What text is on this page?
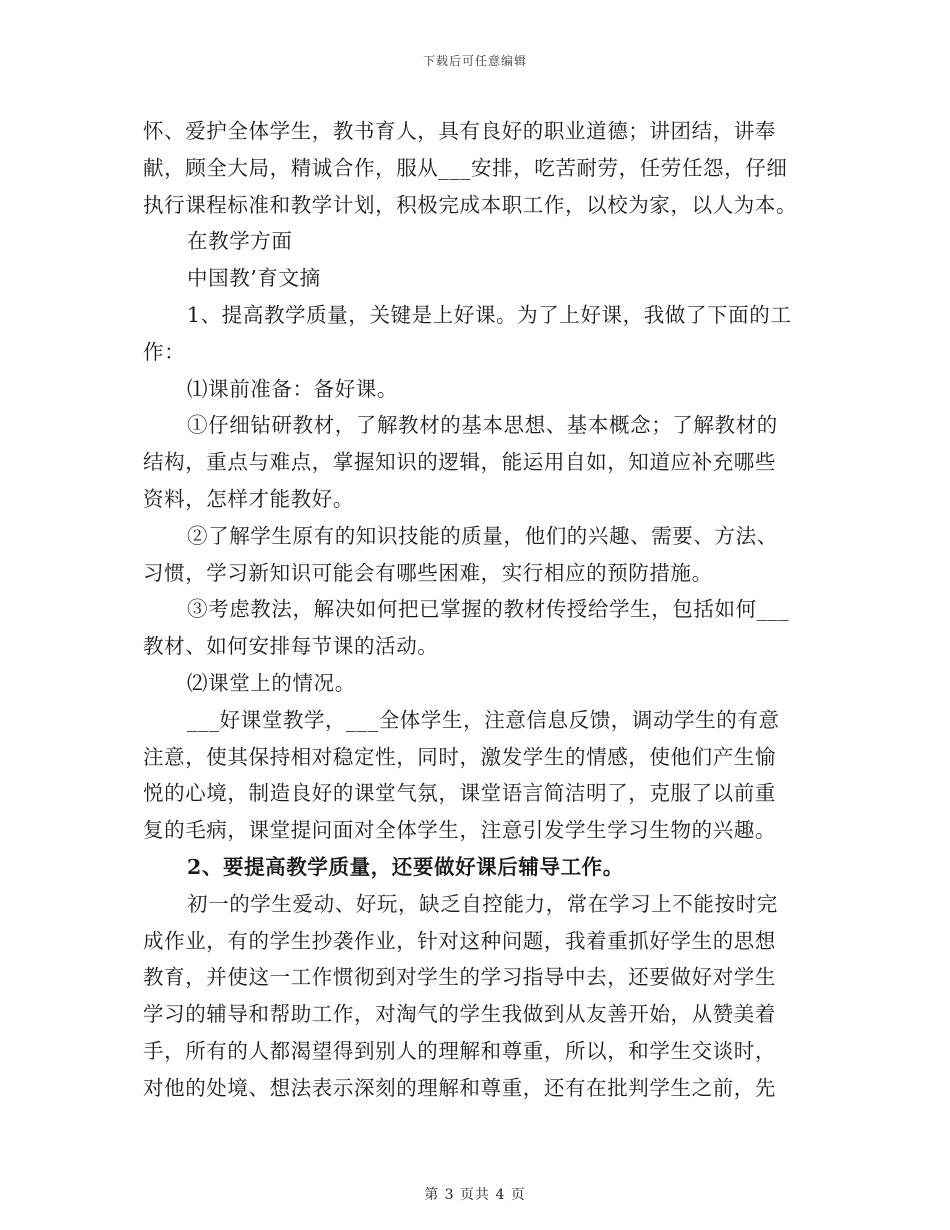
下载后可任意编辑
怀、爱护全体学生，教书育人，具有良好的职业道德；讲团结，讲奉
献，顾全大局，精诚合作，服从___安排，吃苦耐劳，任劳任怨，仔细
执行课程标准和教学计划，积极完成本职工作，以校为家，以人为本。
在教学方面
中国教’育文摘
1、提高教学质量，关键是上好课。为了上好课，我做了下面的工
作：
⑴课前准备：备好课。
①仔细钻研教材，了解教材的基本思想、基本概念；了解教材的
结构，重点与难点，掌握知识的逻辑，能运用自如，知道应补充哪些
资料，怎样才能教好。
②了解学生原有的知识技能的质量，他们的兴趣、需要、方法、
习惯，学习新知识可能会有哪些困难，实行相应的预防措施。
③考虑教法，解决如何把已掌握的教材传授给学生，包括如何___
教材、如何安排每节课的活动。
⑵课堂上的情况。
___好课堂教学，___全体学生，注意信息反馈，调动学生的有意
注意，使其保持相对稳定性，同时，激发学生的情感，使他们产生愉
悦的心境，制造良好的课堂气氛，课堂语言简洁明了，克服了以前重
复的毛病，课堂提问面对全体学生，注意引发学生学习生物的兴趣。
2、要提高教学质量，还要做好课后辅导工作。
初一的学生爱动、好玩，缺乏自控能力，常在学习上不能按时完
成作业，有的学生抄袭作业，针对这种问题，我着重抓好学生的思想
教育，并使这一工作惯彻到对学生的学习指导中去，还要做好对学生
学习的辅导和帮助工作，对淘气的学生我做到从友善开始，从赞美着
手，所有的人都渴望得到别人的理解和尊重，所以，和学生交谈时，
对他的处境、想法表示深刻的理解和尊重，还有在批判学生之前，先
第 3 页共 4 页
